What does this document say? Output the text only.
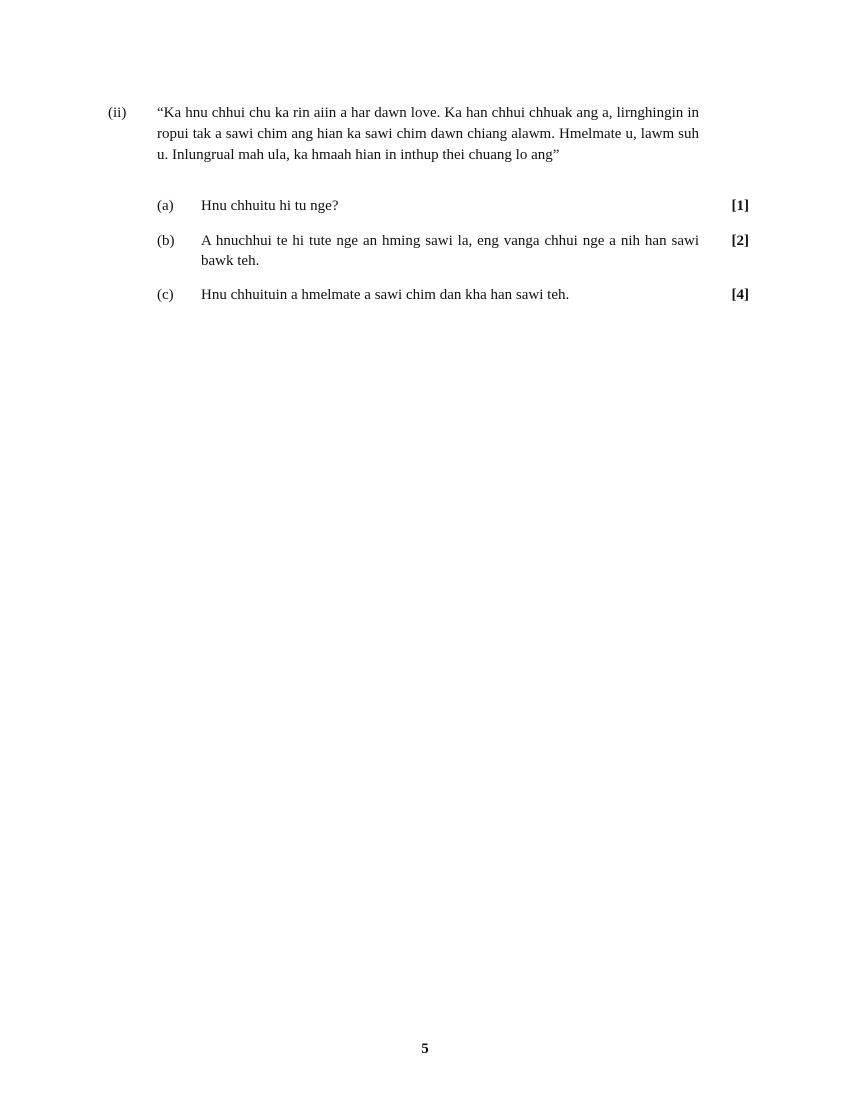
(ii) “Ka hnu chhui chu ka rin aiin a har dawn love. Ka han chhui chhuak ang a, lirnghingin in ropui tak a sawi chim ang hian ka sawi chim dawn chiang alawm. Hmelmate u, lawm suh u. Inlungrual mah ula, ka hmaah hian in inthup thei chuang lo ang”
(a) Hnu chhuitu hi tu nge?	[1]
(b) A hnuchhui te hi tute nge an hming sawi la, eng vanga chhui nge a nih han sawi bawk teh.
[2]
(c) Hnu chhuituin a hmelmate a sawi chim dan kha han sawi teh.	[4]
5
